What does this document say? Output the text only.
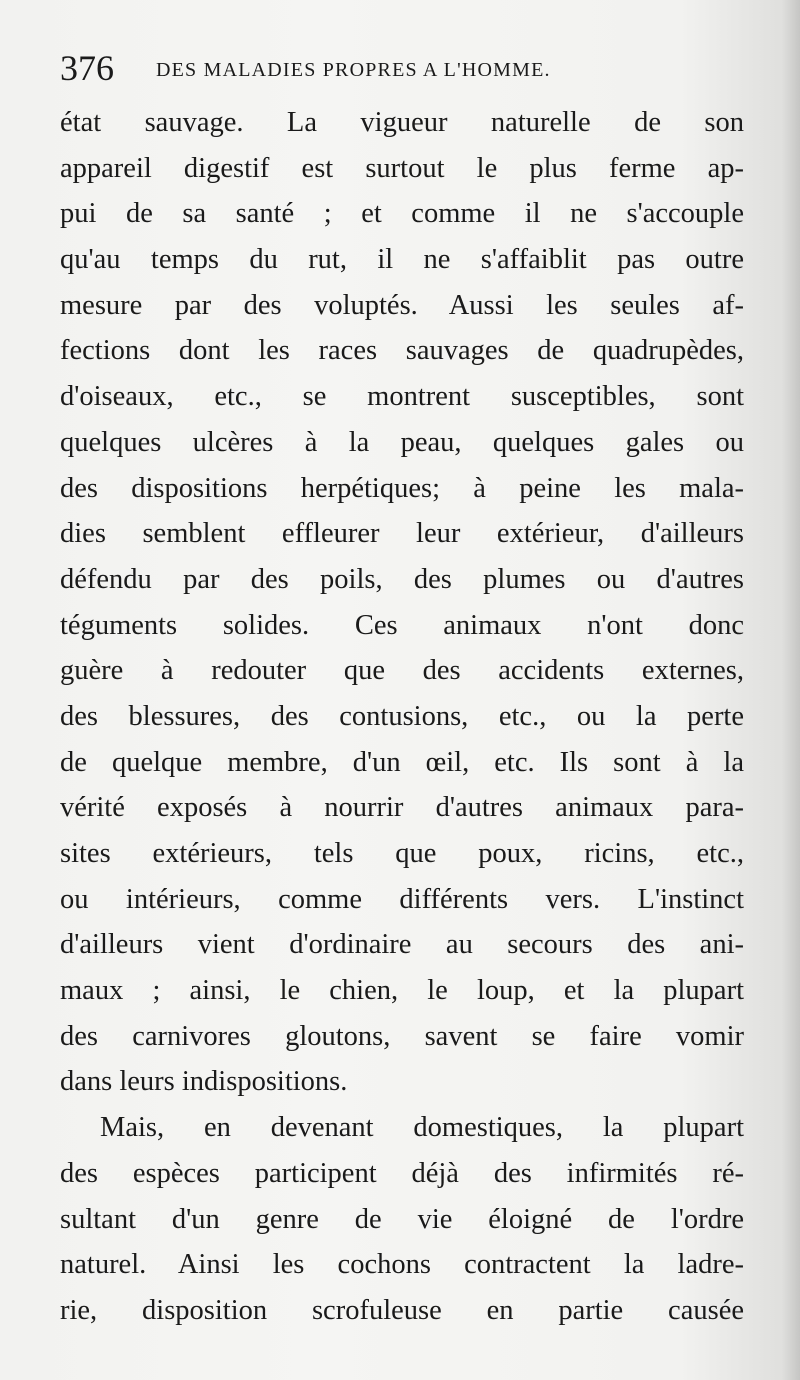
376 DES MALADIES PROPRES A L'HOMME.
état sauvage. La vigueur naturelle de son
appareil digestif est surtout le plus ferme ap-
pui de sa santé ; et comme il ne s'accouple
qu'au temps du rut, il ne s'affaiblit pas outre
mesure par des voluptés. Aussi les seules af-
fections dont les races sauvages de quadrupèdes,
d'oiseaux, etc., se montrent susceptibles, sont
quelques ulcères à la peau, quelques gales ou
des dispositions herpétiques; à peine les mala-
dies semblent effleurer leur extérieur, d'ailleurs
défendu par des poils, des plumes ou d'autres
téguments solides. Ces animaux n'ont donc
guère à redouter que des accidents externes,
des blessures, des contusions, etc., ou la perte
de quelque membre, d'un œil, etc. Ils sont à la
vérité exposés à nourrir d'autres animaux para-
sites extérieurs, tels que poux, ricins, etc.,
ou intérieurs, comme différents vers. L'instinct
d'ailleurs vient d'ordinaire au secours des ani-
maux ; ainsi, le chien, le loup, et la plupart
des carnivores gloutons, savent se faire vomir
dans leurs indispositions.
Mais, en devenant domestiques, la plupart
des espèces participent déjà des infirmités ré-
sultant d'un genre de vie éloigné de l'ordre
naturel. Ainsi les cochons contractent la ladre-
rie, disposition scrofuleuse en partie causée
